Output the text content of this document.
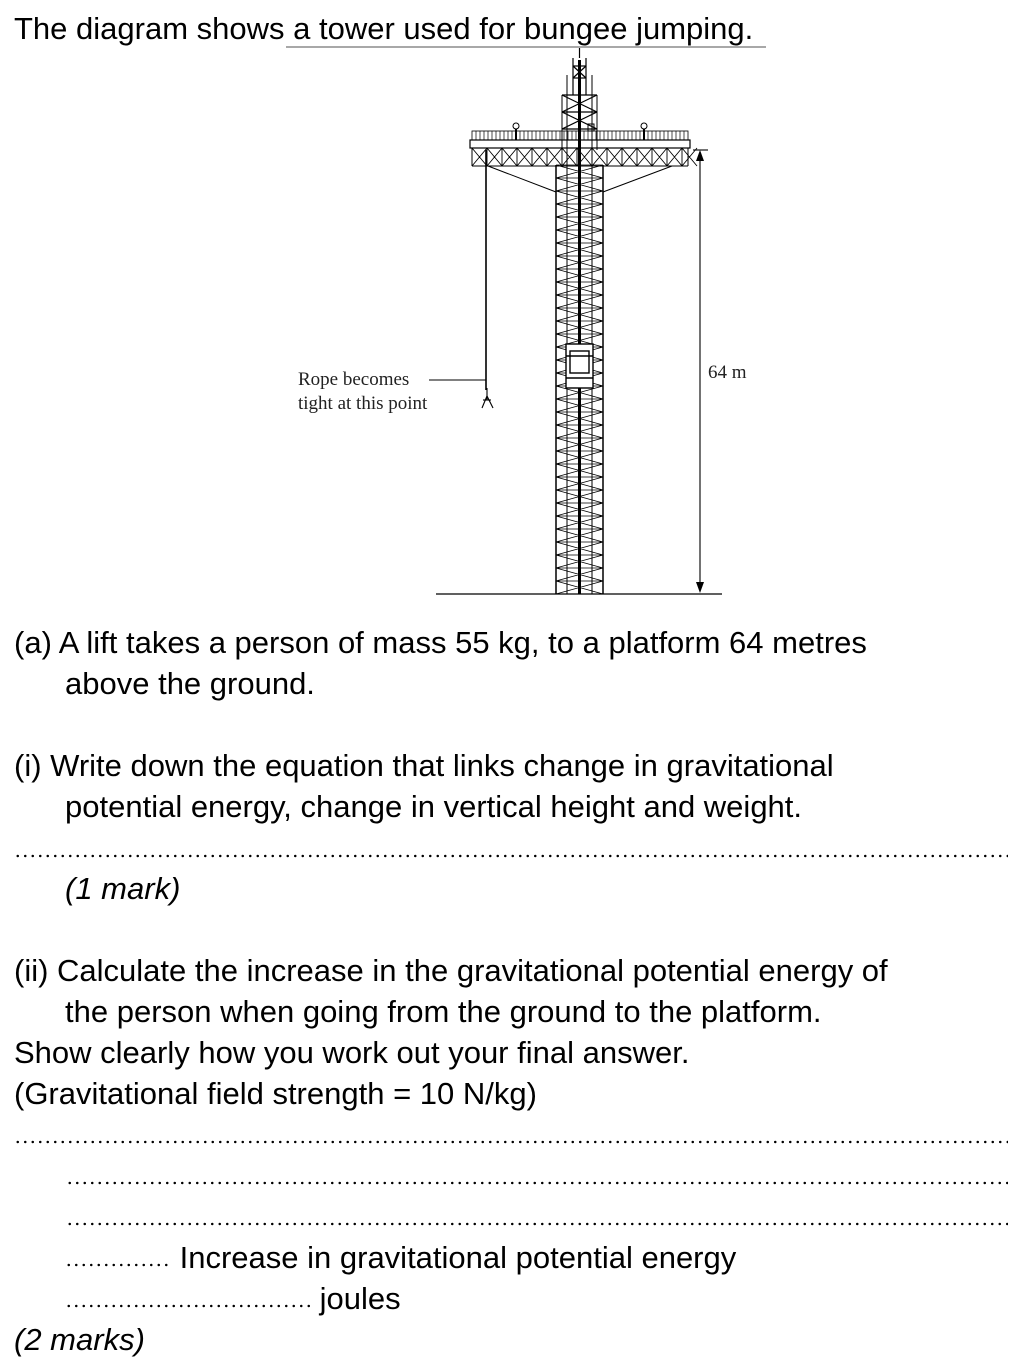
The diagram shows a tower used for bungee jumping.
Rope becomes
tight at this point
64 m
(a) A lift takes a person of mass 55 kg, to a platform 64 metres
above the ground.
(i) Write down the equation that links change in gravitational
potential energy, change in vertical height and weight.
(1 mark)
(ii) Calculate the increase in the gravitational potential energy of
the person when going from the ground to the platform.
Show clearly how you work out your final answer.
(Gravitational field strength = 10 N/kg)
Increase in gravitational potential energy
joules
(2 marks)
